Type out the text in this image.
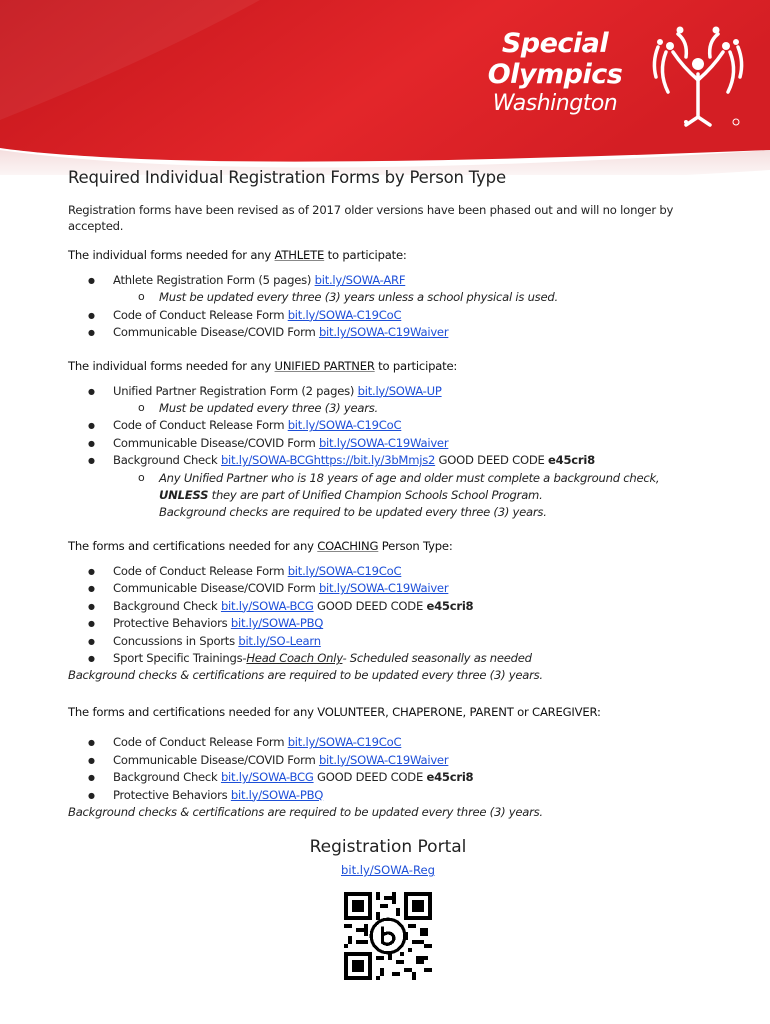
Special
Olympics
Washington
Required Individual Registration Forms by Person Type

Registration forms have been revised as of 2017 older versions have been phased out and will no longer by accepted.

The individual forms needed for any ATHLETE to participate:
● Athlete Registration Form (5 pages) bit.ly/SOWA-ARF
o Must be updated every three (3) years unless a school physical is used.
● Code of Conduct Release Form bit.ly/SOWA-C19CoC
● Communicable Disease/COVID Form bit.ly/SOWA-C19Waiver
The individual forms needed for any UNIFIED PARTNER to participate:
● Unified Partner Registration Form (2 pages) bit.ly/SOWA-UP
o Must be updated every three (3) years.
● Code of Conduct Release Form bit.ly/SOWA-C19CoC
● Communicable Disease/COVID Form bit.ly/SOWA-C19Waiver
● Background Check bit.ly/SOWA-BCGhttps://bit.ly/3bMmjs2 GOOD DEED CODE e45cri8
o Any Unified Partner who is 18 years of age and older must complete a background check,
UNLESS they are part of Unified Champion Schools School Program.
Background checks are required to be updated every three (3) years.
The forms and certifications needed for any COACHING Person Type:
● Code of Conduct Release Form bit.ly/SOWA-C19CoC
● Communicable Disease/COVID Form bit.ly/SOWA-C19Waiver
● Background Check bit.ly/SOWA-BCG GOOD DEED CODE e45cri8
● Protective Behaviors bit.ly/SOWA-PBQ
● Concussions in Sports bit.ly/SO-Learn
● Sport Specific Trainings-Head Coach Only- Scheduled seasonally as needed
Background checks & certifications are required to be updated every three (3) years.
The forms and certifications needed for any VOLUNTEER, CHAPERONE, PARENT or CAREGIVER:
● Code of Conduct Release Form bit.ly/SOWA-C19CoC
● Communicable Disease/COVID Form bit.ly/SOWA-C19Waiver
● Background Check bit.ly/SOWA-BCG GOOD DEED CODE e45cri8
● Protective Behaviors bit.ly/SOWA-PBQ
Background checks & certifications are required to be updated every three (3) years.
Registration Portal
bit.ly/SOWA-Reg
